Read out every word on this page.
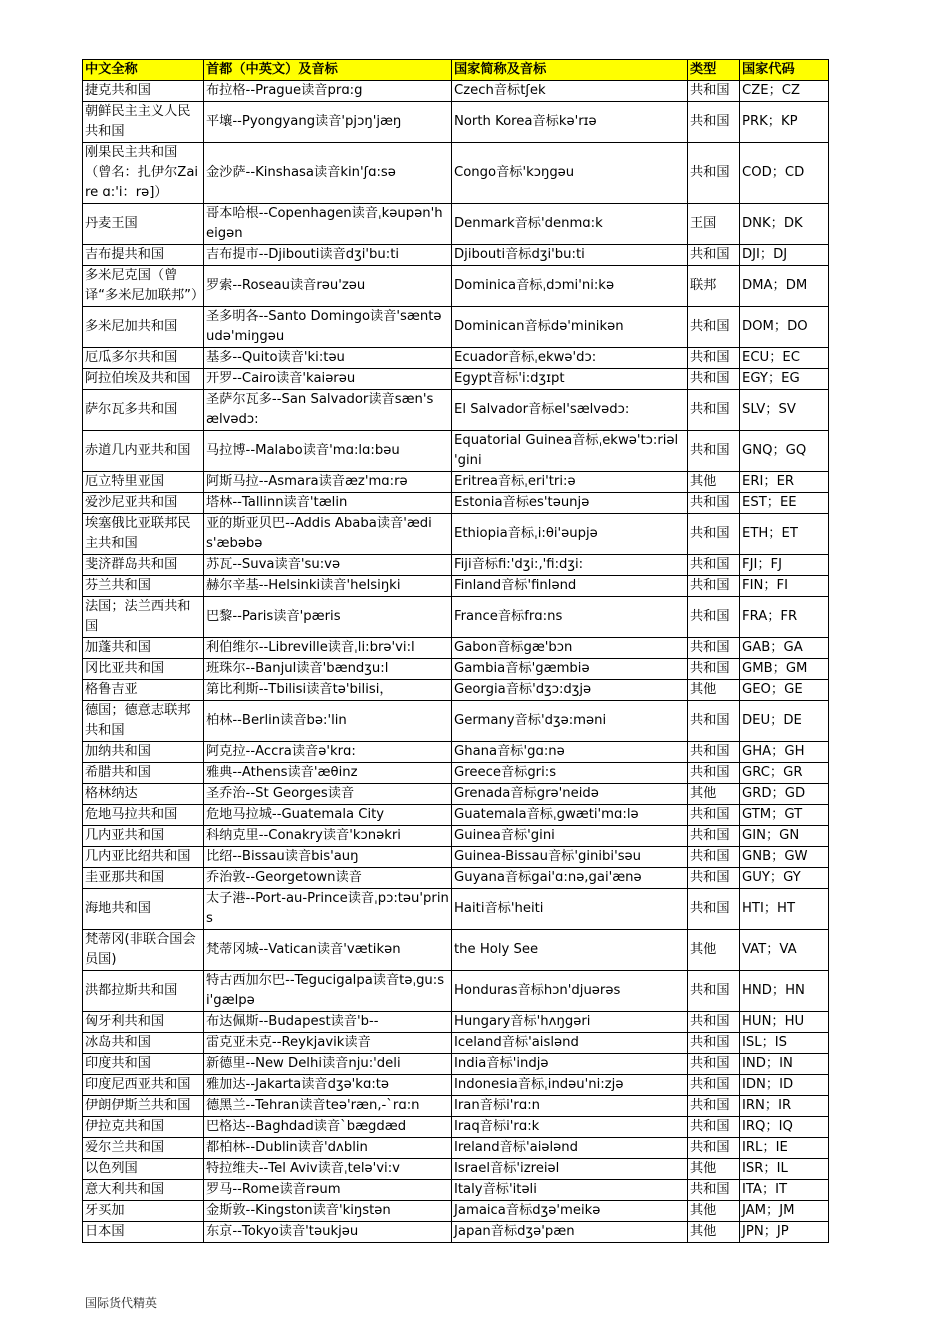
中文全称	首都（中英文）及音标	国家简称及音标	类型	国家代码
捷克共和国	布拉格--Prague读音prɑ:g	Czech音标tʃek	共和国	CZE；CZ
朝鲜民主主义人民共和国	平壤--Pyongyang读音'pjɔŋ'jæŋ	North Korea音标kə'rɪə	共和国	PRK；KP
刚果民主共和国（曾名：扎伊尔Zaire ɑ:'i：rə]）	金沙萨--Kinshasa读音kin'ʃɑ:sə	Congo音标'kɔŋgəu	共和国	COD；CD
丹麦王国	哥本哈根--Copenhagen读音ˌkəupən'heigən	Denmark音标'denmɑ:k	王国	DNK；DK
吉布提共和国	吉布提市--Djibouti读音dʒi'bu:ti	Djibouti音标dʒi'bu:ti	共和国	DJI；DJ
多米尼克国（曾译“多米尼加联邦”）	罗索--Roseau读音rəu'zəu	Dominica音标ˌdɔmi'ni:kə	联邦	DMA；DM
多米尼加共和国	圣多明各--Santo Domingo读音'sæntəudə'miŋgəu	Dominican音标də'minikən	共和国	DOM；DO
厄瓜多尔共和国	基多--Quito读音'ki:təu	Ecuador音标ˌekwə'dɔ:	共和国	ECU；EC
阿拉伯埃及共和国	开罗--Cairo读音'kaiərəu	Egypt音标'i:dʒɪpt	共和国	EGY；EG
萨尔瓦多共和国	圣萨尔瓦多--San Salvador读音sæn's ælvədɔ:	El Salvador音标el'sælvədɔ:	共和国	SLV；SV
赤道几内亚共和国	马拉博--Malabo读音'mɑ:lɑ:bəu	Equatorial Guinea音标ˌekwə'tɔ:riəl 'gini	共和国	GNQ；GQ
厄立特里亚国	阿斯马拉--Asmara读音æz'mɑ:rə	Eritrea音标ˌeri'tri:ə	其他	ERI；ER
爱沙尼亚共和国	塔林--Tallinn读音'tælin	Estonia音标es'təunjə	共和国	EST；EE
埃塞俄比亚联邦民主共和国	亚的斯亚贝巴--Addis Ababa读音'ædis'æbəbə	Ethiopia音标ˌi:θi'əupjə	共和国	ETH；ET
斐济群岛共和国	苏瓦--Suva读音'su:və	Fiji音标fi:'dʒi:,'fi:dʒi:	共和国	FJI；FJ
芬兰共和国	赫尔辛基--Helsinki读音'helsiŋki	Finland音标'finlənd	共和国	FIN；FI
法国；法兰西共和国	巴黎--Paris读音'pæris	France音标frɑ:ns	共和国	FRA；FR
加蓬共和国	利伯维尔--Libreville读音ˌli:brə'vi:l	Gabon音标gæ'bɔn	共和国	GAB；GA
冈比亚共和国	班珠尔--Banjul读音'bændʒu:l	Gambia音标'gæmbiə	共和国	GMB；GM
格鲁吉亚	第比利斯--Tbilisi读音tə'bilisi，	Georgia音标'dʒɔ:dʒjə	其他	GEO；GE
德国；德意志联邦共和国	柏林--Berlin读音bə:'lin	Germany音标'dʒə:məni	共和国	DEU；DE
加纳共和国	阿克拉--Accra读音ə'krɑ:	Ghana音标'gɑ:nə	共和国	GHA；GH
希腊共和国	雅典--Athens读音'æθinz	Greece音标gri:s	共和国	GRC；GR
格林纳达	圣乔治--St Georges读音	Grenada音标grə'neidə	其他	GRD；GD
危地马拉共和国	危地马拉城--Guatemala City	Guatemala音标ˌgwæti'mɑ:lə	共和国	GTM；GT
几内亚共和国	科纳克里--Conakry读音'kɔnəkri	Guinea音标'gini	共和国	GIN；GN
几内亚比绍共和国	比绍--Bissau读音bis'auŋ	Guinea-Bissau音标'ginibi'səu	共和国	GNB；GW
圭亚那共和国	乔治敦--Georgetown读音	Guyana音标gai'ɑ:nə,gai'ænə	共和国	GUY；GY
海地共和国	太子港--Port-au-Prince读音ˌpɔ:təu'prins	Haiti音标'heiti	共和国	HTI；HT
梵蒂冈(非联合国会员国)	梵蒂冈城--Vatican读音'vætikən	the Holy See	其他	VAT；VA
洪都拉斯共和国	特古西加尔巴--Tegucigalpa读音təˌgu:si'gælpə	Honduras音标hɔn'djuərəs	共和国	HND；HN
匈牙利共和国	布达佩斯--Budapest读音'b--	Hungary音标'hʌŋgəri	共和国	HUN；HU
冰岛共和国	雷克亚未克--Reykjavik读音	Iceland音标'aislənd	共和国	ISL；IS
印度共和国	新德里--New Delhi读音nju:'deli	India音标'indjə	共和国	IND；IN
印度尼西亚共和国	雅加达--Jakarta读音dʒə'kɑ:tə	Indonesia音标ˌindəu'ni:zjə	共和国	IDN；ID
伊朗伊斯兰共和国	德黑兰--Tehran读音teə'ræn,-`rɑ:n	Iran音标i'rɑ:n	共和国	IRN；IR
伊拉克共和国	巴格达--Baghdad读音`bægdæd	Iraq音标i'rɑ:k	共和国	IRQ；IQ
爱尔兰共和国	都柏林--Dublin读音'dʌblin	Ireland音标'aiələnd	共和国	IRL；IE
以色列国	特拉维夫--Tel Aviv读音ˌtelə'vi:v	Israel音标'izreiəl	其他	ISR；IL
意大利共和国	罗马--Rome读音rəum	Italy音标'itəli	共和国	ITA；IT
牙买加	金斯敦--Kingston读音'kiŋstən	Jamaica音标dʒə'meikə	其他	JAM；JM
日本国	东京--Tokyo读音'təukjəu	Japan音标dʒə'pæn	其他	JPN；JP
国际货代精英
